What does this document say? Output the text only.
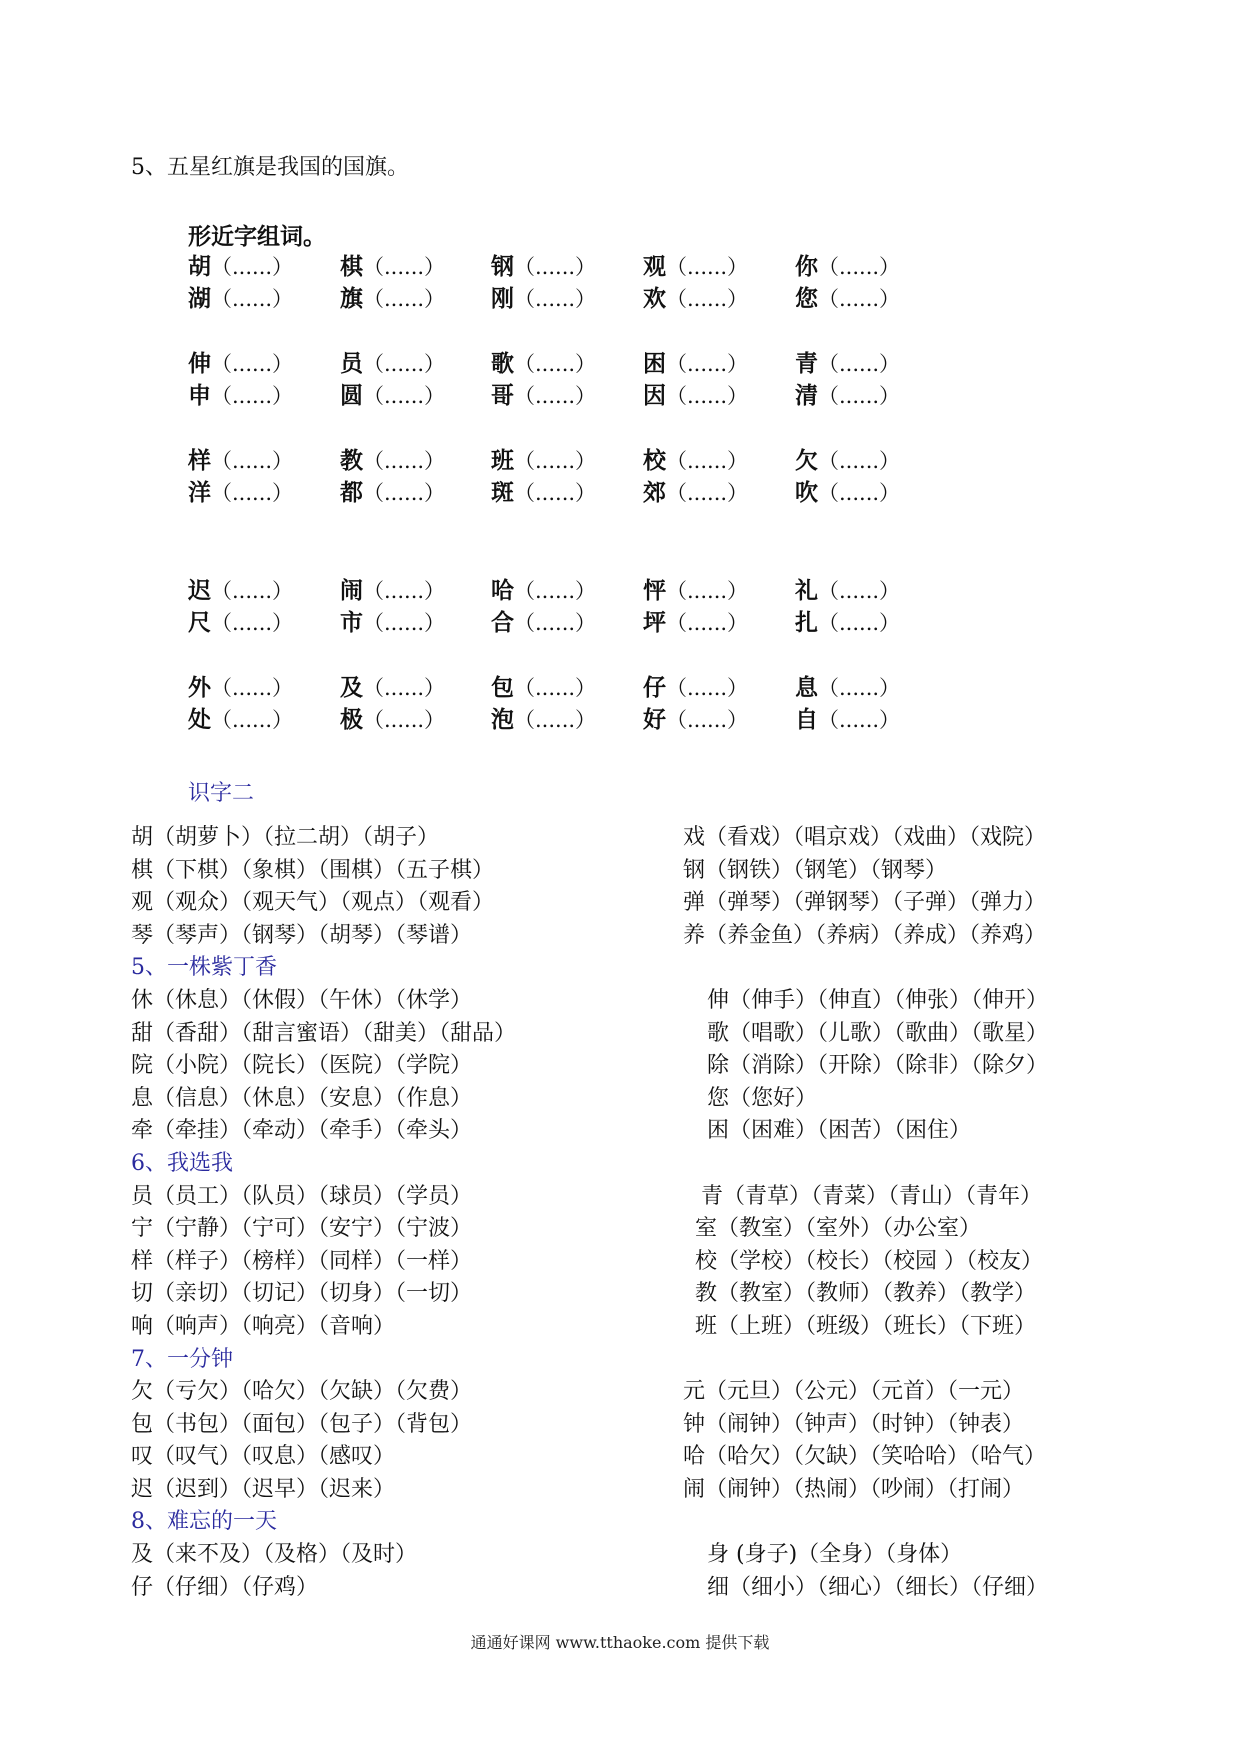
5、五星红旗是我国的国旗。
形近字组词。
胡（......） 棋（......） 钢（......） 观（......） 你（......）
湖（......） 旗（......） 刚（......） 欢（......） 您（......）
伸（......） 员（......） 歌（......） 困（......） 青（......）
申（......） 圆（......） 哥（......） 因（......） 清（......）
样（......） 教（......） 班（......） 校（......） 欠（......）
洋（......） 都（......） 斑（......） 郊（......） 吹（......）
迟（......） 闹（......） 哈（......） 怦（......） 礼（......）
尺（......） 市（......） 合（......） 坪（......） 扎（......）
外（......） 及（......） 包（......） 仔（......） 息（......）
处（......） 极（......） 泡（......） 好（......） 自（......）
识字二
胡（胡萝卜）（拉二胡）（胡子）
棋（下棋）（象棋）（围棋）（五子棋）
观（观众）（观天气）（观点）（观看）
琴（琴声）（钢琴）（胡琴）（琴谱）
5、一株紫丁香
休（休息）（休假）（午休）（休学）
甜（香甜）（甜言蜜语）（甜美）（甜品）
院（小院）（院长）（医院）（学院）
息（信息）（休息）（安息）（作息）
牵（牵挂）（牵动）（牵手）（牵头）
6、我选我
员（员工）（队员）（球员）（学员）
宁（宁静）（宁可）（安宁）（宁波）
样（样子）（榜样）（同样）（一样）
切（亲切）（切记）（切身）（一切）
响（响声）（响亮）（音响）
7、一分钟
欠（亏欠）（哈欠）（欠缺）（欠费）
包（书包）（面包）（包子）（背包）
叹（叹气）（叹息）（感叹）
迟（迟到）（迟早）（迟来）
8、难忘的一天
及（来不及）（及格）（及时）
仔（仔细）（仔鸡）
戏（看戏）（唱京戏）（戏曲）（戏院）
钢（钢铁）（钢笔）（钢琴）
弹（弹琴）（弹钢琴）（子弹）（弹力）
养（养金鱼）（养病）（养成）（养鸡）
伸（伸手）（伸直）（伸张）（伸开）
歌（唱歌）（儿歌）（歌曲）（歌星）
除（消除）（开除）（除非）（除夕）
您（您好）
困（困难）（困苦）（困住）
青（青草）（青菜）（青山）（青年）
室（教室）（室外）（办公室）
校（学校）（校长）（校园 ）（校友）
教（教室）（教师）（教养）（教学）
班（上班）（班级）（班长）（下班）
元（元旦）（公元）（元首）（一元）
钟（闹钟）（钟声）（时钟）（钟表）
哈（哈欠）（欠缺）（笑哈哈）（哈气）
闹（闹钟）（热闹）（吵闹）（打闹）
身 (身子)（全身）（身体）
细（细小）（细心）（细长）（仔细）
通通好课网 www.tthaoke.com 提供下载
